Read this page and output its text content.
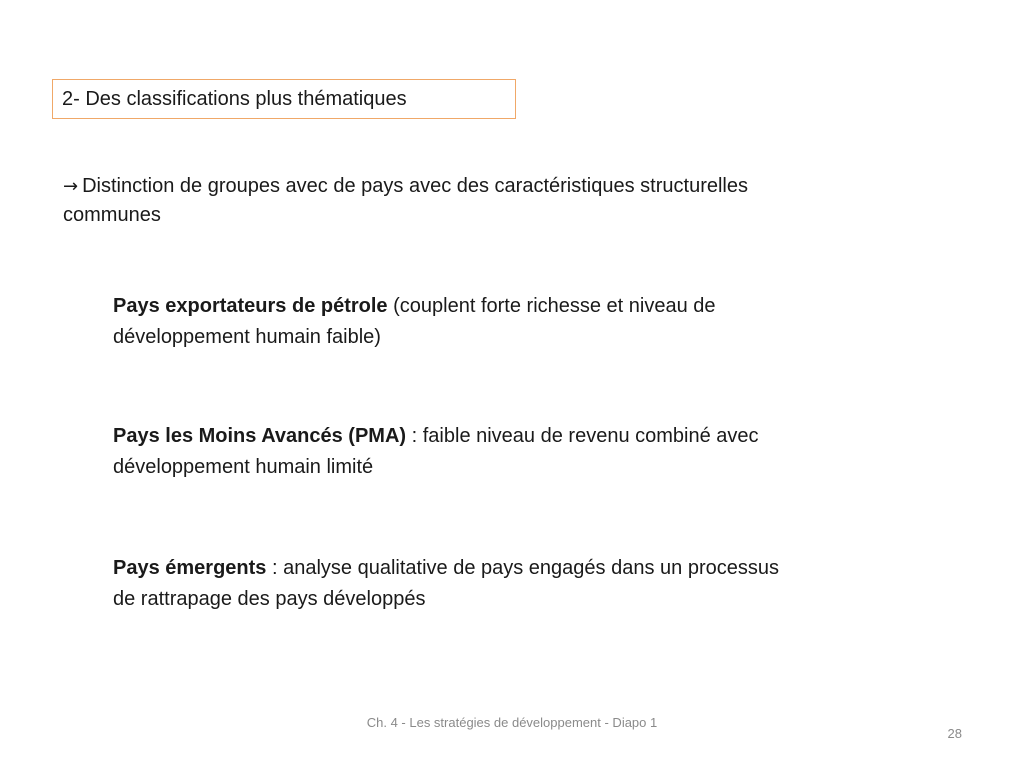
2- Des classifications plus thématiques
→ Distinction de groupes avec de pays avec des caractéristiques structurelles communes
Pays exportateurs de pétrole (couplent forte richesse et niveau de développement humain faible)
Pays les Moins Avancés (PMA) : faible niveau de revenu combiné avec développement humain limité
Pays émergents : analyse qualitative de pays engagés dans un processus de rattrapage des pays développés
Ch. 4 - Les stratégies de développement - Diapo 1
28
